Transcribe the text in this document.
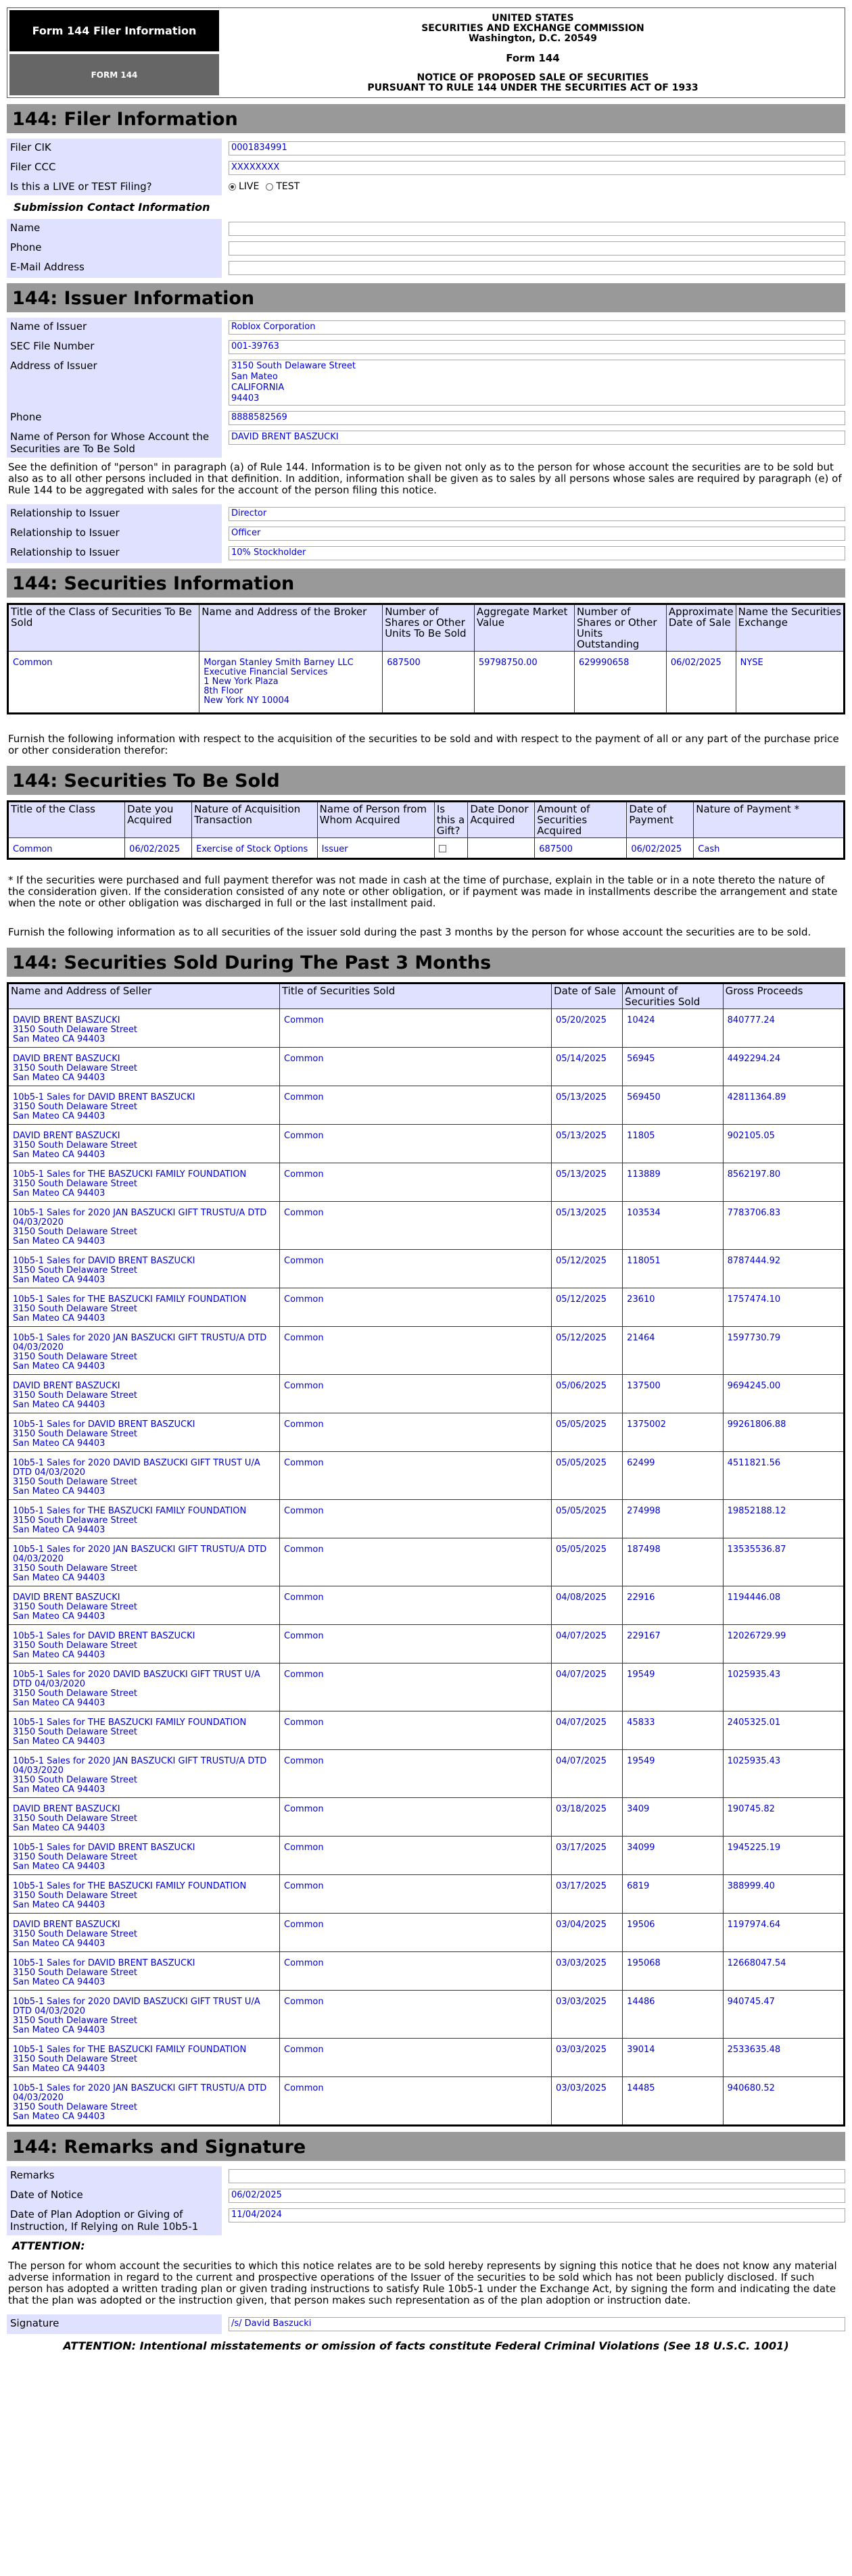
Form 144 Filer Information
FORM 144
UNITED STATES
SECURITIES AND EXCHANGE COMMISSION
Washington, D.C. 20549
Form 144
NOTICE OF PROPOSED SALE OF SECURITIES
PURSUANT TO RULE 144 UNDER THE SECURITIES ACT OF 1933
144: Filer Information
Filer CIK	0001834991
Filer CCC	XXXXXXXX
Is this a LIVE or TEST Filing?	LIVE	TEST
Submission Contact Information
Name
Phone
E-Mail Address
144: Issuer Information
Name of Issuer	Roblox Corporation
SEC File Number	001-39763
Address of Issuer	3150 South Delaware Street
San Mateo
CALIFORNIA
94403
Phone	8888582569
Name of Person for Whose Account the Securities are To Be Sold
DAVID BRENT BASZUCKI
See the definition of "person" in paragraph (a) of Rule 144. Information is to be given not only as to the person for whose account the securities are to be sold but also as to all other persons included in that definition. In addition, information shall be given as to sales by all persons whose sales are required by paragraph (e) of Rule 144 to be aggregated with sales for the account of the person filing this notice.
Relationship to Issuer	Director
Relationship to Issuer	Officer
Relationship to Issuer	10% Stockholder
144: Securities Information
Title of the Class of Securities To Be Sold	Name and Address of the Broker	Number of Shares or Other Units To Be Sold	Aggregate Market Value	Number of Shares or Other Units Outstanding	Approximate Date of Sale	Name the Securities Exchange
Common	Morgan Stanley Smith Barney LLC
Executive Financial Services
1 New York Plaza
8th Floor
New York NY 10004	687500	59798750.00	629990658	06/02/2025	NYSE
Furnish the following information with respect to the acquisition of the securities to be sold and with respect to the payment of all or any part of the purchase price or other consideration therefor:
144: Securities To Be Sold
Title of the Class	Date you Acquired	Nature of Acquisition Transaction	Name of Person from Whom Acquired	Is this a Gift?	Date Donor Acquired	Amount of Securities Acquired	Date of Payment	Nature of Payment *
Common	06/02/2025	Exercise of Stock Options	Issuer			687500	06/02/2025	Cash
* If the securities were purchased and full payment therefor was not made in cash at the time of purchase, explain in the table or in a note thereto the nature of the consideration given. If the consideration consisted of any note or other obligation, or if payment was made in installments describe the arrangement and state when the note or other obligation was discharged in full or the last installment paid.
Furnish the following information as to all securities of the issuer sold during the past 3 months by the person for whose account the securities are to be sold.
144: Securities Sold During The Past 3 Months
Name and Address of Seller	Title of Securities Sold	Date of Sale	Amount of Securities Sold	Gross Proceeds
DAVID BRENT BASZUCKI
3150 South Delaware Street
San Mateo CA 94403	Common	05/20/2025	10424	840777.24
DAVID BRENT BASZUCKI
3150 South Delaware Street
San Mateo CA 94403	Common	05/14/2025	56945	4492294.24
10b5-1 Sales for DAVID BRENT BASZUCKI
3150 South Delaware Street
San Mateo CA 94403	Common	05/13/2025	569450	42811364.89
DAVID BRENT BASZUCKI
3150 South Delaware Street
San Mateo CA 94403	Common	05/13/2025	11805	902105.05
10b5-1 Sales for THE BASZUCKI FAMILY FOUNDATION
3150 South Delaware Street
San Mateo CA 94403	Common	05/13/2025	113889	8562197.80
10b5-1 Sales for 2020 JAN BASZUCKI GIFT TRUSTU/A DTD 04/03/2020
3150 South Delaware Street
San Mateo CA 94403	Common	05/13/2025	103534	7783706.83
10b5-1 Sales for DAVID BRENT BASZUCKI
3150 South Delaware Street
San Mateo CA 94403	Common	05/12/2025	118051	8787444.92
10b5-1 Sales for THE BASZUCKI FAMILY FOUNDATION
3150 South Delaware Street
San Mateo CA 94403	Common	05/12/2025	23610	1757474.10
10b5-1 Sales for 2020 JAN BASZUCKI GIFT TRUSTU/A DTD 04/03/2020
3150 South Delaware Street
San Mateo CA 94403	Common	05/12/2025	21464	1597730.79
DAVID BRENT BASZUCKI
3150 South Delaware Street
San Mateo CA 94403	Common	05/06/2025	137500	9694245.00
10b5-1 Sales for DAVID BRENT BASZUCKI
3150 South Delaware Street
San Mateo CA 94403	Common	05/05/2025	1375002	99261806.88
10b5-1 Sales for 2020 DAVID BASZUCKI GIFT TRUST U/A DTD 04/03/2020
3150 South Delaware Street
San Mateo CA 94403	Common	05/05/2025	62499	4511821.56
10b5-1 Sales for THE BASZUCKI FAMILY FOUNDATION
3150 South Delaware Street
San Mateo CA 94403	Common	05/05/2025	274998	19852188.12
10b5-1 Sales for 2020 JAN BASZUCKI GIFT TRUSTU/A DTD 04/03/2020
3150 South Delaware Street
San Mateo CA 94403	Common	05/05/2025	187498	13535536.87
DAVID BRENT BASZUCKI
3150 South Delaware Street
San Mateo CA 94403	Common	04/08/2025	22916	1194446.08
10b5-1 Sales for DAVID BRENT BASZUCKI
3150 South Delaware Street
San Mateo CA 94403	Common	04/07/2025	229167	12026729.99
10b5-1 Sales for 2020 DAVID BASZUCKI GIFT TRUST U/A DTD 04/03/2020
3150 South Delaware Street
San Mateo CA 94403	Common	04/07/2025	19549	1025935.43
10b5-1 Sales for THE BASZUCKI FAMILY FOUNDATION
3150 South Delaware Street
San Mateo CA 94403	Common	04/07/2025	45833	2405325.01
10b5-1 Sales for 2020 JAN BASZUCKI GIFT TRUSTU/A DTD 04/03/2020
3150 South Delaware Street
San Mateo CA 94403	Common	04/07/2025	19549	1025935.43
DAVID BRENT BASZUCKI
3150 South Delaware Street
San Mateo CA 94403	Common	03/18/2025	3409	190745.82
10b5-1 Sales for DAVID BRENT BASZUCKI
3150 South Delaware Street
San Mateo CA 94403	Common	03/17/2025	34099	1945225.19
10b5-1 Sales for THE BASZUCKI FAMILY FOUNDATION
3150 South Delaware Street
San Mateo CA 94403	Common	03/17/2025	6819	388999.40
DAVID BRENT BASZUCKI
3150 South Delaware Street
San Mateo CA 94403	Common	03/04/2025	19506	1197974.64
10b5-1 Sales for DAVID BRENT BASZUCKI
3150 South Delaware Street
San Mateo CA 94403	Common	03/03/2025	195068	12668047.54
10b5-1 Sales for 2020 DAVID BASZUCKI GIFT TRUST U/A DTD 04/03/2020
3150 South Delaware Street
San Mateo CA 94403	Common	03/03/2025	14486	940745.47
10b5-1 Sales for THE BASZUCKI FAMILY FOUNDATION
3150 South Delaware Street
San Mateo CA 94403	Common	03/03/2025	39014	2533635.48
10b5-1 Sales for 2020 JAN BASZUCKI GIFT TRUSTU/A DTD 04/03/2020
3150 South Delaware Street
San Mateo CA 94403	Common	03/03/2025	14485	940680.52
144: Remarks and Signature
Remarks
Date of Notice	06/02/2025
Date of Plan Adoption or Giving of Instruction, If Relying on Rule 10b5-1
11/04/2024
ATTENTION:
The person for whom account the securities to which this notice relates are to be sold hereby represents by signing this notice that he does not know any material adverse information in regard to the current and prospective operations of the Issuer of the securities to be sold which has not been publicly disclosed. If such person has adopted a written trading plan or given trading instructions to satisfy Rule 10b5-1 under the Exchange Act, by signing the form and indicating the date that the plan was adopted or the instruction given, that person makes such representation as of the plan adoption or instruction date.
Signature	/s/ David Baszucki
ATTENTION: Intentional misstatements or omission of facts constitute Federal Criminal Violations (See 18 U.S.C. 1001)
